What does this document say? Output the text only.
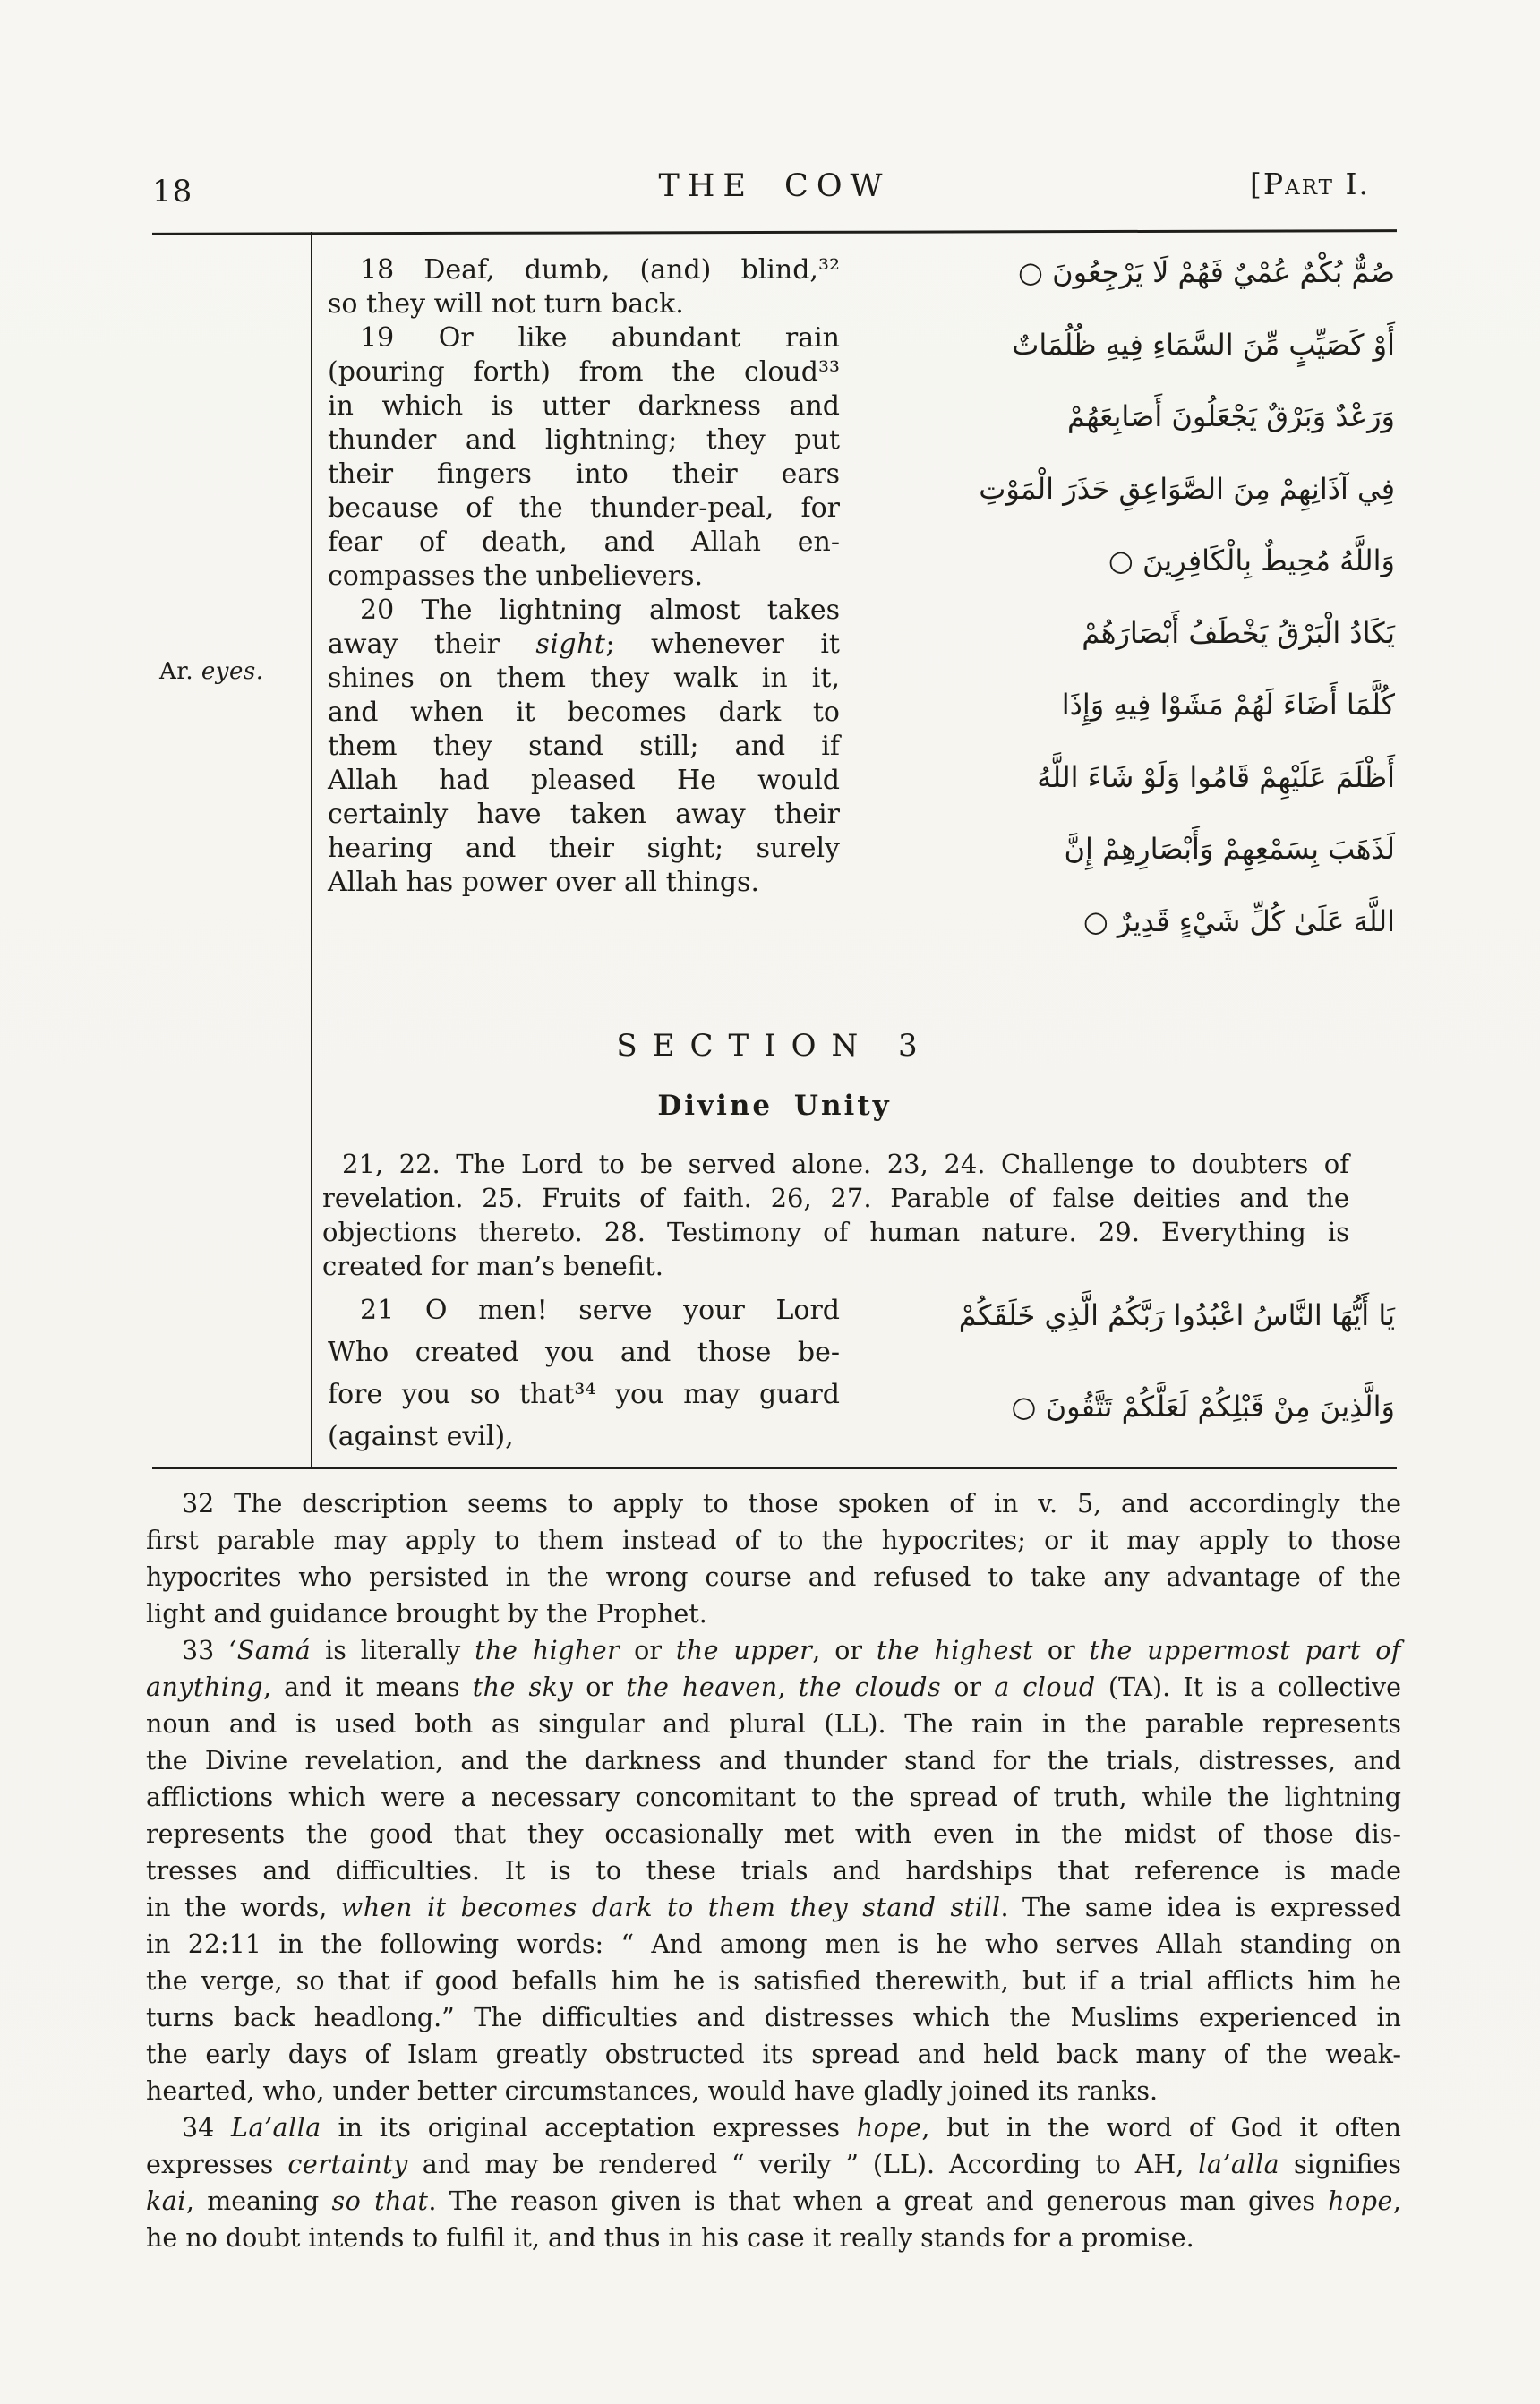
18	THE COW	[Part I.
Ar. eyes.
18 Deaf, dumb, (and) blind,³²
so they will not turn back.
19 Or like abundant rain
(pouring forth) from the cloud³³
in which is utter darkness and
thunder and lightning; they put
their fingers into their ears
because of the thunder-peal, for
fear of death, and Allah en-
compasses the unbelievers.
20 The lightning almost takes
away their sight; whenever it
shines on them they walk in it,
and when it becomes dark to
them they stand still; and if
Allah had pleased He would
certainly have taken away their
hearing and their sight; surely
Allah has power over all things.
صُمٌّ بُكْمٌ عُمْيٌ فَهُمْ لَا يَرْجِعُونَ ○
أَوْ كَصَيِّبٍ مِّنَ السَّمَاءِ فِيهِ ظُلُمَاتٌ
وَرَعْدٌ وَبَرْقٌ يَجْعَلُونَ أَصَابِعَهُمْ
فِي آذَانِهِمْ مِنَ الصَّوَاعِقِ حَذَرَ الْمَوْتِ
وَاللَّهُ مُحِيطٌ بِالْكَافِرِينَ ○
يَكَادُ الْبَرْقُ يَخْطَفُ أَبْصَارَهُمْ
كُلَّمَا أَضَاءَ لَهُمْ مَشَوْا فِيهِ وَإِذَا
أَظْلَمَ عَلَيْهِمْ قَامُوا وَلَوْ شَاءَ اللَّهُ
لَذَهَبَ بِسَمْعِهِمْ وَأَبْصَارِهِمْ إِنَّ
اللَّهَ عَلَىٰ كُلِّ شَيْءٍ قَدِيرٌ ○
SECTION 3
Divine Unity
21, 22. The Lord to be served alone. 23, 24. Challenge to doubters of
revelation. 25. Fruits of faith. 26, 27. Parable of false deities and the
objections thereto. 28. Testimony of human nature. 29. Everything is
created for man’s benefit.
21 O men! serve your Lord
Who created you and those be-
fore you so that³⁴ you may guard
(against evil),
يَا أَيُّهَا النَّاسُ اعْبُدُوا رَبَّكُمُ الَّذِي خَلَقَكُمْ
وَالَّذِينَ مِنْ قَبْلِكُمْ لَعَلَّكُمْ تَتَّقُونَ ○
32 The description seems to apply to those spoken of in v. 5, and accordingly the
first parable may apply to them instead of to the hypocrites; or it may apply to those
hypocrites who persisted in the wrong course and refused to take any advantage of the
light and guidance brought by the Prophet.
33 ‘Samá is literally the higher or the upper, or the highest or the uppermost part of
anything, and it means the sky or the heaven, the clouds or a cloud (TA). It is a collective
noun and is used both as singular and plural (LL). The rain in the parable represents
the Divine revelation, and the darkness and thunder stand for the trials, distresses, and
afflictions which were a necessary concomitant to the spread of truth, while the lightning
represents the good that they occasionally met with even in the midst of those dis-
tresses and difficulties. It is to these trials and hardships that reference is made
in the words, when it becomes dark to them they stand still. The same idea is expressed
in 22:11 in the following words: “ And among men is he who serves Allah standing on
the verge, so that if good befalls him he is satisfied therewith, but if a trial afflicts him he
turns back headlong.” The difficulties and distresses which the Muslims experienced in
the early days of Islam greatly obstructed its spread and held back many of the weak-
hearted, who, under better circumstances, would have gladly joined its ranks.
34 La’alla in its original acceptation expresses hope, but in the word of God it often
expresses certainty and may be rendered “ verily ” (LL). According to AH, la’alla signifies
kai, meaning so that. The reason given is that when a great and generous man gives hope,
he no doubt intends to fulfil it, and thus in his case it really stands for a promise.
